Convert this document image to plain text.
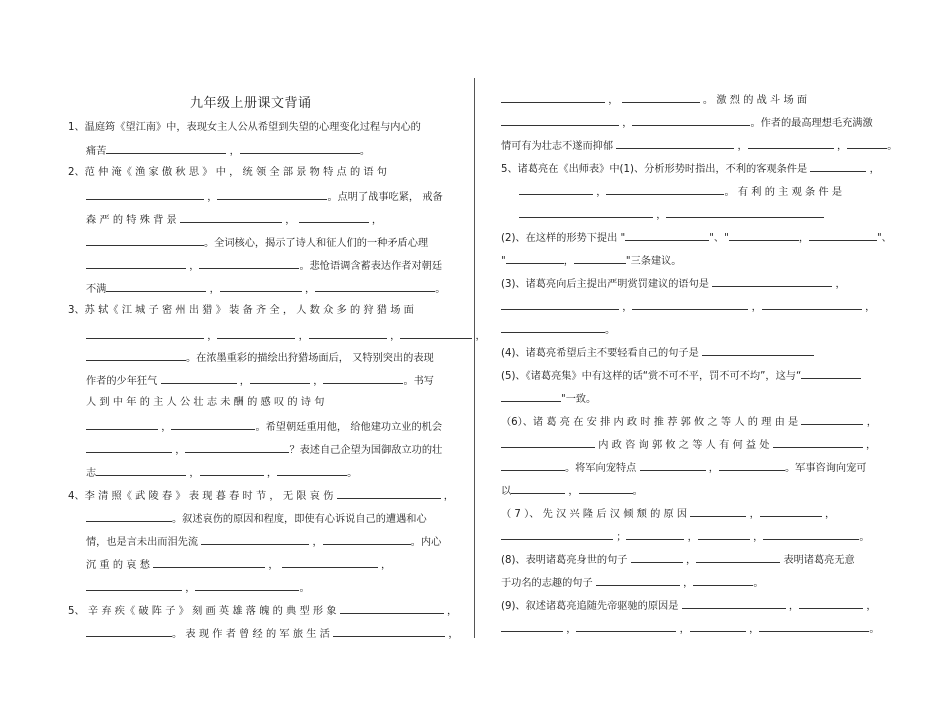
九年级上册课文背诵
1、温庭筠《望江南》中，表现女主人公从希望到失望的心理变化过程与内心的
痛苦	，	。
2、范 仲 淹《 渔 家 傲 秋 思 》 中 ， 统 领 全 部 景 物 特 点 的 语 句
，	。点明了战事吃紧， 戒备
森 严 的 特 殊 背 景	，	，
。全词核心，揭示了诗人和征人们的一种矛盾心理
，	。悲怆语调含蓄表达作者对朝廷
不满	，	，	。
3、苏 轼《 江 城 子 密 州 出 猎 》 装 备 齐 全 ， 人 数 众 多 的 狩 猎 场 面
，	，	，	，
。在浓墨重彩的描绘出狩猎场面后， 又特别突出的表现
作者的少年狂气	，	，	。书写
人 到 中 年 的 主 人 公 壮 志 未 酬 的 感 叹 的 诗 句
，	。希望朝廷重用他， 给他建功立业的机会
，	？表述自己企望为国御敌立功的壮
志	，	，	。
4、李 清 照《 武 陵 春 》 表 现 暮 春 时 节 ， 无 限 哀 伤	，
。叙述哀伤的原因和程度，即使有心诉说自己的遭遇和心
情，也是言未出而泪先流	，	。内心
沉 重 的 哀 愁	，	，
，	。
5、 辛 弃 疾《 破 阵 子 》 刻 画 英 雄 落 魄 的 典 型 形 象	，
。 表 现 作 者 曾 经 的 军 旅 生 活	，
，	。 激 烈 的 战 斗 场 面
，	。作者的最高理想毛充满激
情可有为壮志不遂而抑郁	，	，	。
5、诸葛亮在《出师表》中(1)、分析形势时指出，不利的客观条件是	，
，	。 有 利 的 主 观 条 件 是
，
(2)、在这样的形势下提出 "	"、"	，	"、
"	，	"三条建议。
(3)、诸葛亮向后主提出严明赏罚建议的语句是	，
，	，	，
。
(4)、诸葛亮希望后主不要轻看自己的句子是
(5)、《诸葛亮集》中有这样的话“赏不可不平，罚不可不均”，这与“
"一致。
（6）、诸 葛 亮 在 安 排 内 政 时 推 荐 郭 攸 之 等 人 的 理 由 是	，
内 政 咨 询 郭 攸 之 等 人 有 何 益 处	，
。将军向宠特点	，	。军事咨询向宠可
以	，	。
（ 7 ）、 先 汉 兴 隆 后 汉 倾 颓 的 原 因	，	，
；	，	，	。
(8)、表明诸葛亮身世的句子	，	表明诸葛亮无意
于功名的志趣的句子	，	。
(9)、叙述诸葛亮追随先帝驱驰的原因是	，	，
，	，	，	。
